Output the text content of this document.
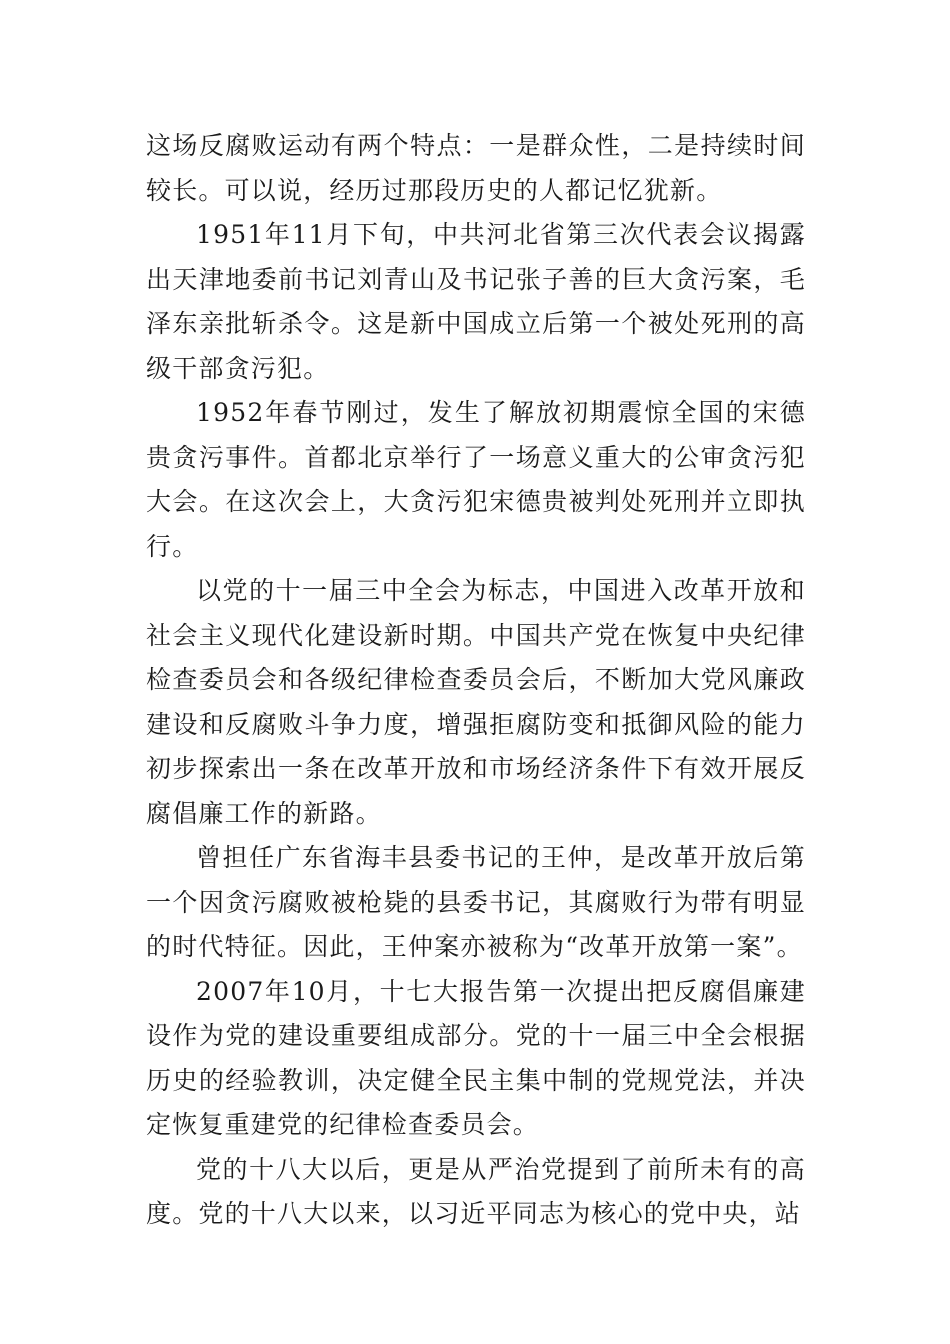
这场反腐败运动有两个特点：一是群众性，二是持续时间较长。可以说，经历过那段历史的人都记忆犹新。

1951年11月下旬，中共河北省第三次代表会议揭露出天津地委前书记刘青山及书记张子善的巨大贪污案，毛泽东亲批斩杀令。这是新中国成立后第一个被处死刑的高级干部贪污犯。

1952年春节刚过，发生了解放初期震惊全国的宋德贵贪污事件。首都北京举行了一场意义重大的公审贪污犯大会。在这次会上，大贪污犯宋德贵被判处死刑并立即执行。

以党的十一届三中全会为标志，中国进入改革开放和社会主义现代化建设新时期。中国共产党在恢复中央纪律检查委员会和各级纪律检查委员会后，不断加大党风廉政建设和反腐败斗争力度，增强拒腐防变和抵御风险的能力初步探索出一条在改革开放和市场经济条件下有效开展反腐倡廉工作的新路。

曾担任广东省海丰县委书记的王仲，是改革开放后第一个因贪污腐败被枪毙的县委书记，其腐败行为带有明显的时代特征。因此，王仲案亦被称为“改革开放第一案”。

2007年10月，十七大报告第一次提出把反腐倡廉建设作为党的建设重要组成部分。党的十一届三中全会根据历史的经验教训，决定健全民主集中制的党规党法，并决定恢复重建党的纪律检查委员会。

党的十八大以后，更是从严治党提到了前所未有的高度。党的十八大以来，以习近平同志为核心的党中央，站
